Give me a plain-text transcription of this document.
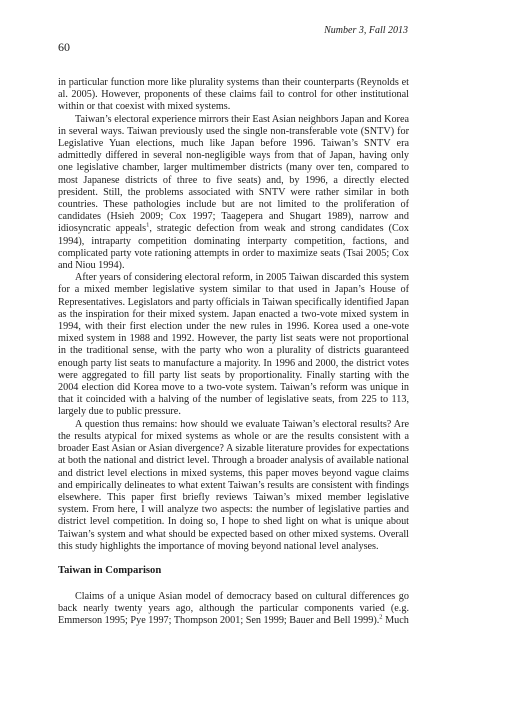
Number 3, Fall 2013
60

in particular function more like plurality systems than their counterparts (Reynolds et al. 2005). However, proponents of these claims fail to control for other institutional within or that coexist with mixed systems.

Taiwan’s electoral experience mirrors their East Asian neighbors Japan and Korea in several ways. Taiwan previously used the single non-transferable vote (SNTV) for Legislative Yuan elections, much like Japan before 1996. Taiwan’s SNTV era admittedly differed in several non-negligible ways from that of Japan, having only one legislative chamber, larger multimember districts (many over ten, compared to most Japanese districts of three to five seats) and, by 1996, a directly elected president. Still, the problems associated with SNTV were rather similar in both countries. These pathologies include but are not limited to the proliferation of candidates (Hsieh 2009; Cox 1997; Taagepera and Shugart 1989), narrow and idiosyncratic appeals$^1$, strategic defection from weak and strong candidates (Cox 1994), intraparty competition dominating interparty competition, factions, and complicated party vote rationing attempts in order to maximize seats (Tsai 2005; Cox and Niou 1994).

After years of considering electoral reform, in 2005 Taiwan discarded this system for a mixed member legislative system similar to that used in Japan’s House of Representatives. Legislators and party officials in Taiwan specifically identified Japan as the inspiration for their mixed system. Japan enacted a two-vote mixed system in 1994, with their first election under the new rules in 1996. Korea used a one-vote mixed system in 1988 and 1992. However, the party list seats were not proportional in the traditional sense, with the party who won a plurality of districts guaranteed enough party list seats to manufacture a majority. In 1996 and 2000, the district votes were aggregated to fill party list seats by proportionality. Finally starting with the 2004 election did Korea move to a two-vote system. Taiwan’s reform was unique in that it coincided with a halving of the number of legislative seats, from 225 to 113, largely due to public pressure.

A question thus remains: how should we evaluate Taiwan’s electoral results? Are the results atypical for mixed systems as whole or are the results consistent with a broader East Asian or Asian divergence? A sizable literature provides for expectations at both the national and district level. Through a broader analysis of available national and district level elections in mixed systems, this paper moves beyond vague claims and empirically delineates to what extent Taiwan’s results are consistent with findings elsewhere. This paper first briefly reviews Taiwan’s mixed member legislative system. From here, I will analyze two aspects: the number of legislative parties and district level competition. In doing so, I hope to shed light on what is unique about Taiwan’s system and what should be expected based on other mixed systems. Overall this study highlights the importance of moving beyond national level analyses.

Taiwan in Comparison

Claims of a unique Asian model of democracy based on cultural differences go back nearly twenty years ago, although the particular components varied (e.g. Emmerson 1995; Pye 1997; Thompson 2001; Sen 1999; Bauer and Bell 1999).$^2$ Much
